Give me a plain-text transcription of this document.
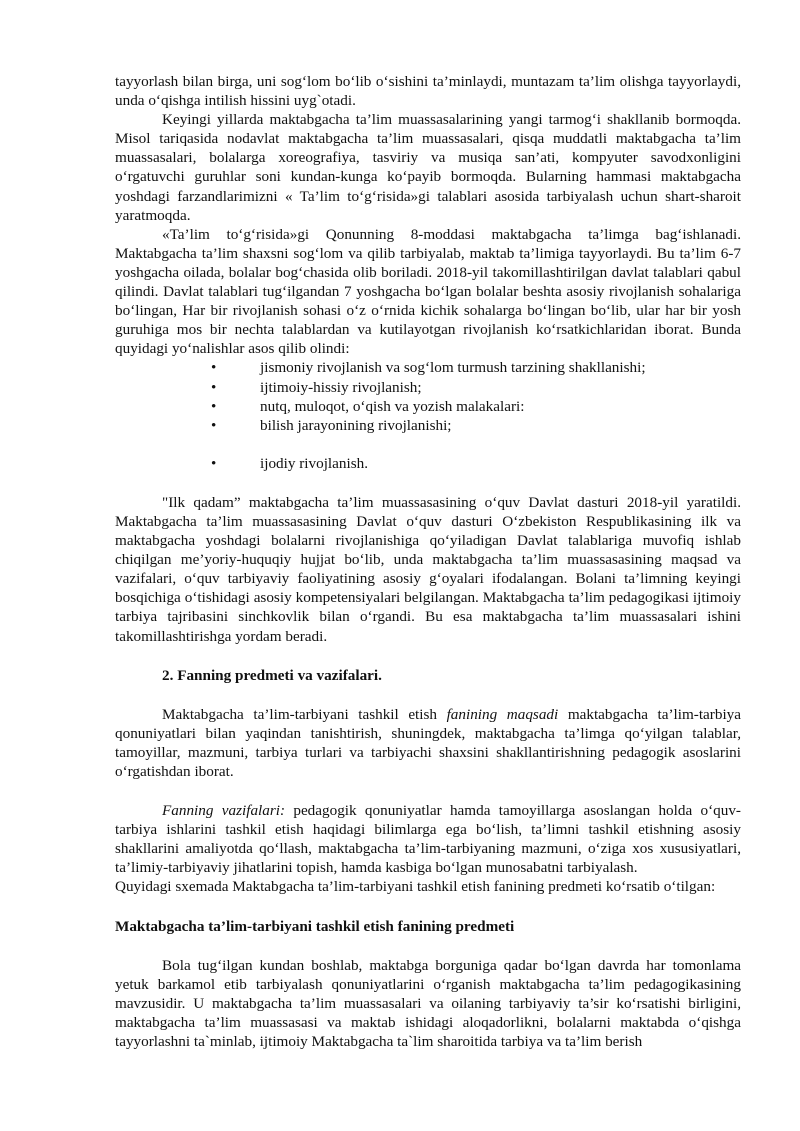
tayyorlash bilan birga, uni sog‘lom bo‘lib o‘sishini ta’minlaydi, muntazam ta’lim olishga tayyorlaydi, unda o‘qishga intilish hissini uyg`otadi.

Keyingi yillarda maktabgacha ta’lim muassasalarining yangi tarmog‘i shakllanib bormoqda. Misol tariqasida nodavlat maktabgacha ta’lim muassasalari, qisqa muddatli maktabgacha ta’lim muassasalari, bolalarga xoreografiya, tasviriy va musiqa san’ati, kompyuter savodxonligini o‘rgatuvchi guruhlar soni kundan-kunga ko‘payib bormoqda. Bularning hammasi maktabgacha yoshdagi farzandlarimizni « Ta’lim to‘g‘risida»gi talablari asosida tarbiyalash uchun shart-sharoit yaratmoqda.

«Ta’lim to‘g‘risida»gi Qonunning 8-moddasi maktabgacha ta’limga bag‘ishlanadi. Maktabgacha ta’lim shaxsni sog‘lom va qilib tarbiyalab, maktab ta’limiga tayyorlaydi. Bu ta’lim 6-7 yoshgacha oilada, bolalar bog‘chasida olib boriladi. 2018-yil takomillashtirilgan davlat talablari qabul qilindi. Davlat talablari tug‘ilgandan 7 yoshgacha bo‘lgan bolalar beshta asosiy rivojlanish sohalariga bo‘lingan, Har bir rivojlanish sohasi o‘z o‘rnida kichik sohalarga bo‘lingan bo‘lib, ular har bir yosh guruhiga mos bir nechta talablardan va kutilayotgan rivojlanish ko‘rsatkichlaridan iborat. Bunda quyidagi yo‘nalishlar asos qilib olindi:

•	jismoniy rivojlanish va sog‘lom turmush tarzining shakllanishi;
•	ijtimoiy-hissiy rivojlanish;
•	nutq, muloqot, o‘qish va yozish malakalari:
•	bilish jarayonining rivojlanishi;
•	ijodiy rivojlanish.

"Ilk qadam” maktabgacha ta’lim muassasasining o‘quv Davlat dasturi 2018-yil yaratildi. Maktabgacha ta’lim muassasasining Davlat o‘quv dasturi O‘zbekiston Respublikasining ilk va maktabgacha yoshdagi bolalarni rivojlanishiga qo‘yiladigan Davlat talablariga muvofiq ishlab chiqilgan me’yoriy-huquqiy hujjat bo‘lib, unda maktabgacha ta’lim muassasasining maqsad va vazifalari, o‘quv tarbiyaviy faoliyatining asosiy g‘oyalari ifodalangan. Bolani ta’limning keyingi bosqichiga o‘tishidagi asosiy kompetensiyalari belgilangan. Maktabgacha ta’lim pedagogikasi ijtimoiy tarbiya tajribasini sinchkovlik bilan o‘rgandi. Bu esa maktabgacha ta’lim muassasalari ishini takomillashtirishga yordam beradi.

2. Fanning predmeti va vazifalari.

Maktabgacha ta’lim-tarbiyani tashkil etish fanining maqsadi maktabgacha ta’lim-tarbiya qonuniyatlari bilan yaqindan tanishtirish, shuningdek, maktabgacha ta’limga qo‘yilgan talablar, tamoyillar, mazmuni, tarbiya turlari va tarbiyachi shaxsini shakllantirishning pedagogik asoslarini o‘rgatishdan iborat.

Fanning vazifalari: pedagogik qonuniyatlar hamda tamoyillarga asoslangan holda o‘quv-tarbiya ishlarini tashkil etish haqidagi bilimlarga ega bo‘lish, ta’limni tashkil etishning asosiy shakllarini amaliyotda qo‘llash, maktabgacha ta’lim-tarbiyaning mazmuni, o‘ziga xos xususiyatlari, ta’limiy-tarbiyaviy jihatlarini topish, hamda kasbiga bo‘lgan munosabatni tarbiyalash.

Quyidagi sxemada Maktabgacha ta’lim-tarbiyani tashkil etish fanining predmeti ko‘rsatib o‘tilgan:

Maktabgacha ta’lim-tarbiyani tashkil etish fanining predmeti

Bola tug‘ilgan kundan boshlab, maktabga borguniga qadar bo‘lgan davrda har tomonlama yetuk barkamol etib tarbiyalash qonuniyatlarini o‘rganish maktabgacha ta’lim pedagogikasining mavzusidir. U maktabgacha ta’lim muassasalari va oilaning tarbiyaviy ta’sir ko‘rsatishi birligini, maktabgacha ta’lim muassasasi va maktab ishidagi aloqadorlikni, bolalarni maktabda o‘qishga tayyorlashni ta`minlab, ijtimoiy Maktabgacha ta`lim sharoitida tarbiya va ta’lim berish
